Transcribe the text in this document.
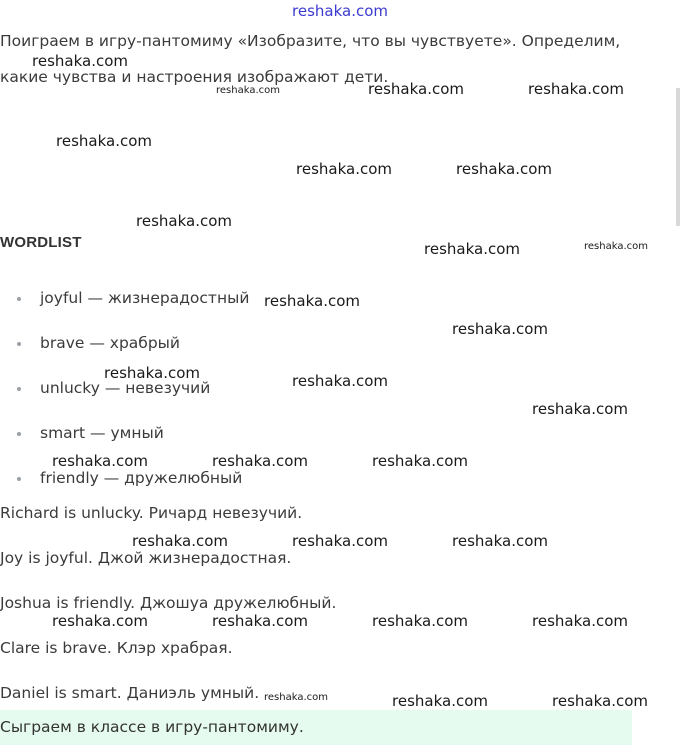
reshaka.com
Поиграем в игру-пантомиму «Изобразите, что вы чувствуете». Определим,
какие чувства и настроения изображают дети.
WORDLIST
joyful — жизнерадостный
brave — храбрый
unlucky — невезучий
smart — умный
friendly — дружелюбный
Richard is unlucky. Ричард невезучий.
Joy is joyful. Джой жизнерадостная.
Joshua is friendly. Джошуа дружелюбный.
Clare is brave. Клэр храбрая.
Daniel is smart. Даниэль умный.
Сыграем в классе в игру-пантомиму.
reshaka.com
reshaka.com	reshaka.com	reshaka.com
reshaka.com
reshaka.com	reshaka.com
reshaka.com
reshaka.com	reshaka.com
reshaka.com
reshaka.com
reshaka.com	reshaka.com
reshaka.com
reshaka.com	reshaka.com	reshaka.com
reshaka.com	reshaka.com	reshaka.com
reshaka.com	reshaka.com	reshaka.com	reshaka.com
reshaka.com	reshaka.com	reshaka.com
